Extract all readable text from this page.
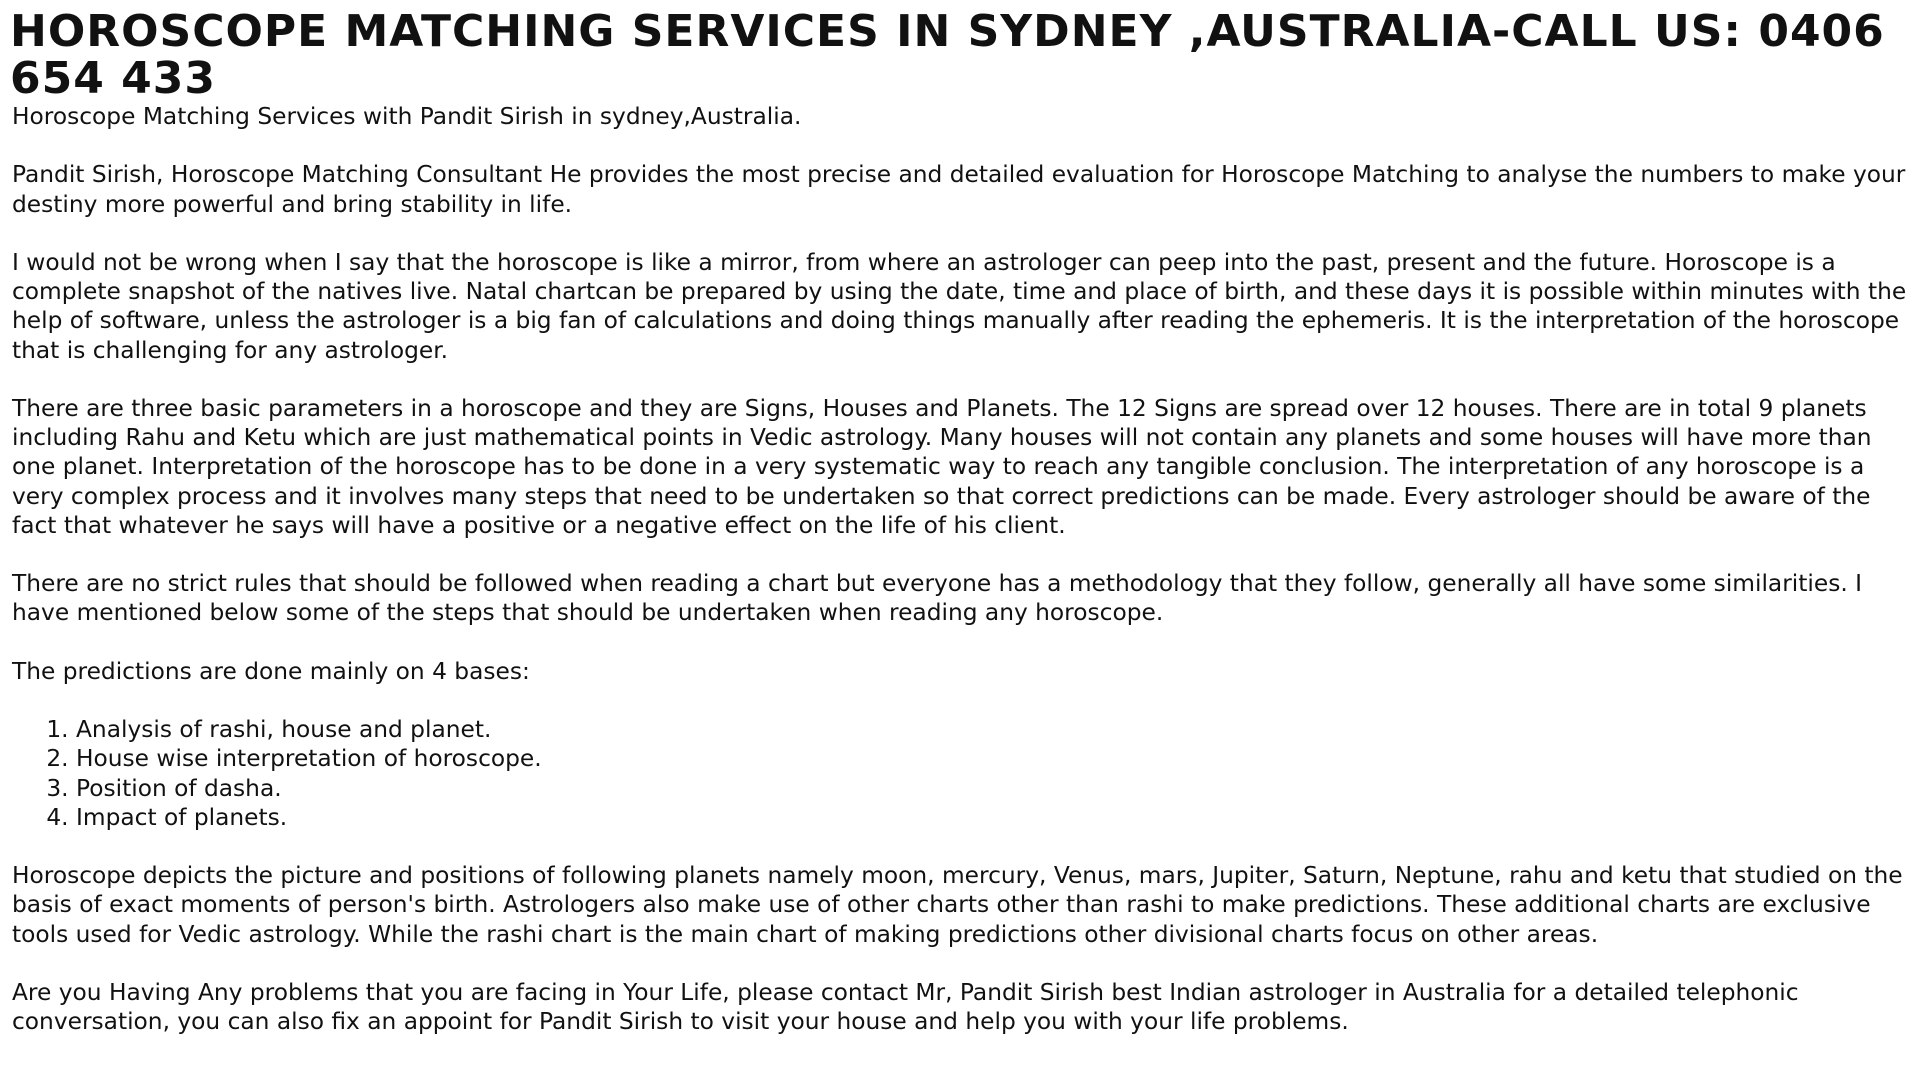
HOROSCOPE MATCHING SERVICES IN SYDNEY ,AUSTRALIA-CALL US: 0406 654 433

Horoscope Matching Services with Pandit Sirish in sydney,Australia.

Pandit Sirish, Horoscope Matching Consultant He provides the most precise and detailed evaluation for Horoscope Matching to analyse the numbers to make your destiny more powerful and bring stability in life.

I would not be wrong when I say that the horoscope is like a mirror, from where an astrologer can peep into the past, present and the future. Horoscope is a complete snapshot of the natives live. Natal chartcan be prepared by using the date, time and place of birth, and these days it is possible within minutes with the help of software, unless the astrologer is a big fan of calculations and doing things manually after reading the ephemeris. It is the interpretation of the horoscope that is challenging for any astrologer.

There are three basic parameters in a horoscope and they are Signs, Houses and Planets. The 12 Signs are spread over 12 houses. There are in total 9 planets including Rahu and Ketu which are just mathematical points in Vedic astrology. Many houses will not contain any planets and some houses will have more than one planet. Interpretation of the horoscope has to be done in a very systematic way to reach any tangible conclusion. The interpretation of any horoscope is a very complex process and it involves many steps that need to be undertaken so that correct predictions can be made. Every astrologer should be aware of the fact that whatever he says will have a positive or a negative effect on the life of his client.

There are no strict rules that should be followed when reading a chart but everyone has a methodology that they follow, generally all have some similarities. I have mentioned below some of the steps that should be undertaken when reading any horoscope.

The predictions are done mainly on 4 bases:

1. Analysis of rashi, house and planet.
2. House wise interpretation of horoscope.
3. Position of dasha.
4. Impact of planets.

Horoscope depicts the picture and positions of following planets namely moon, mercury, Venus, mars, Jupiter, Saturn, Neptune, rahu and ketu that studied on the basis of exact moments of person's birth. Astrologers also make use of other charts other than rashi to make predictions. These additional charts are exclusive tools used for Vedic astrology. While the rashi chart is the main chart of making predictions other divisional charts focus on other areas.

Are you Having Any problems that you are facing in Your Life, please contact Mr, Pandit Sirish best Indian astrologer in Australia for a detailed telephonic conversation, you can also fix an appoint for Pandit Sirish to visit your house and help you with your life problems.
